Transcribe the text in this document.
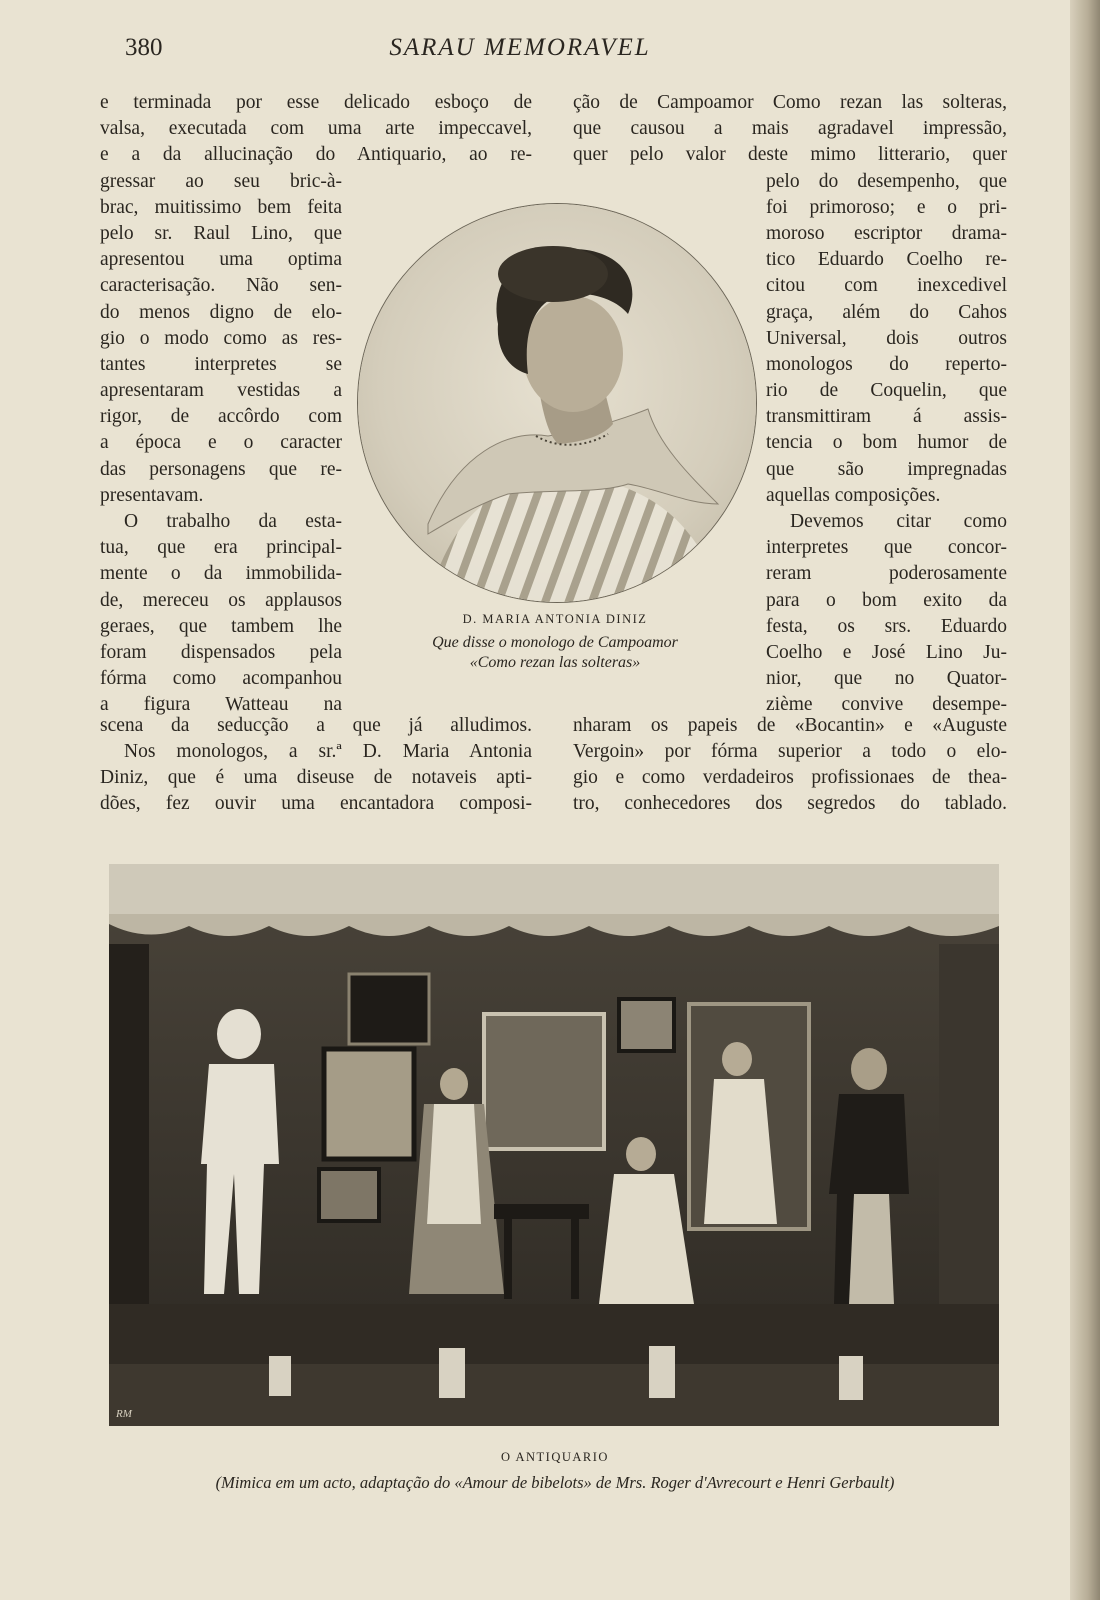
380	SARAU MEMORAVEL
e terminada por esse delicado esboço de
valsa, executada com uma arte impeccavel,
e a da allucinação do Antiquario, ao re-
gressar ao seu bric-à-
brac, muitissimo bem feita
pelo sr. Raul Lino, que
apresentou uma optima
caracterisação. Não sen-
do menos digno de elo-
gio o modo como as res-
tantes interpretes se
apresentaram vestidas a
rigor, de accôrdo com
a época e o caracter
das personagens que re-
presentavam.
O trabalho da esta-
tua, que era principal-
mente o da immobilida-
de, mereceu os applausos
geraes, que tambem lhe
foram dispensados pela
fórma como acompanhou
a figura Watteau na
scena da seducção a que já alludimos.
Nos monologos, a sr.ª D. Maria Antonia
Diniz, que é uma diseuse de notaveis apti-
dões, fez ouvir uma encantadora composi-
ção de Campoamor Como rezan las solteras,
que causou a mais agradavel impressão,
quer pelo valor deste mimo litterario, quer
pelo do desempenho, que
foi primoroso; e o pri-
moroso escriptor drama-
tico Eduardo Coelho re-
citou com inexcedivel
graça, além do Cahos
Universal, dois outros
monologos do reperto-
rio de Coquelin, que
transmittiram á assis-
tencia o bom humor de
que são impregnadas
aquellas composições.
Devemos citar como
interpretes que concor-
reram poderosamente
para o bom exito da
festa, os srs. Eduardo
Coelho e José Lino Ju-
nior, que no Quator-
zième convive desempe-
nharam os papeis de «Bocantin» e «Auguste
Vergoin» por fórma superior a todo o elo-
gio e como verdadeiros profissionaes de thea-
tro, conhecedores dos segredos do tablado.
D. MARIA ANTONIA DINIZ
Que disse o monologo de Campoamor
«Como rezan las solteras»
RM
O ANTIQUARIO
(Mimica em um acto, adaptação do «Amour de bibelots» de Mrs. Roger d'Avrecourt e Henri Gerbault)
